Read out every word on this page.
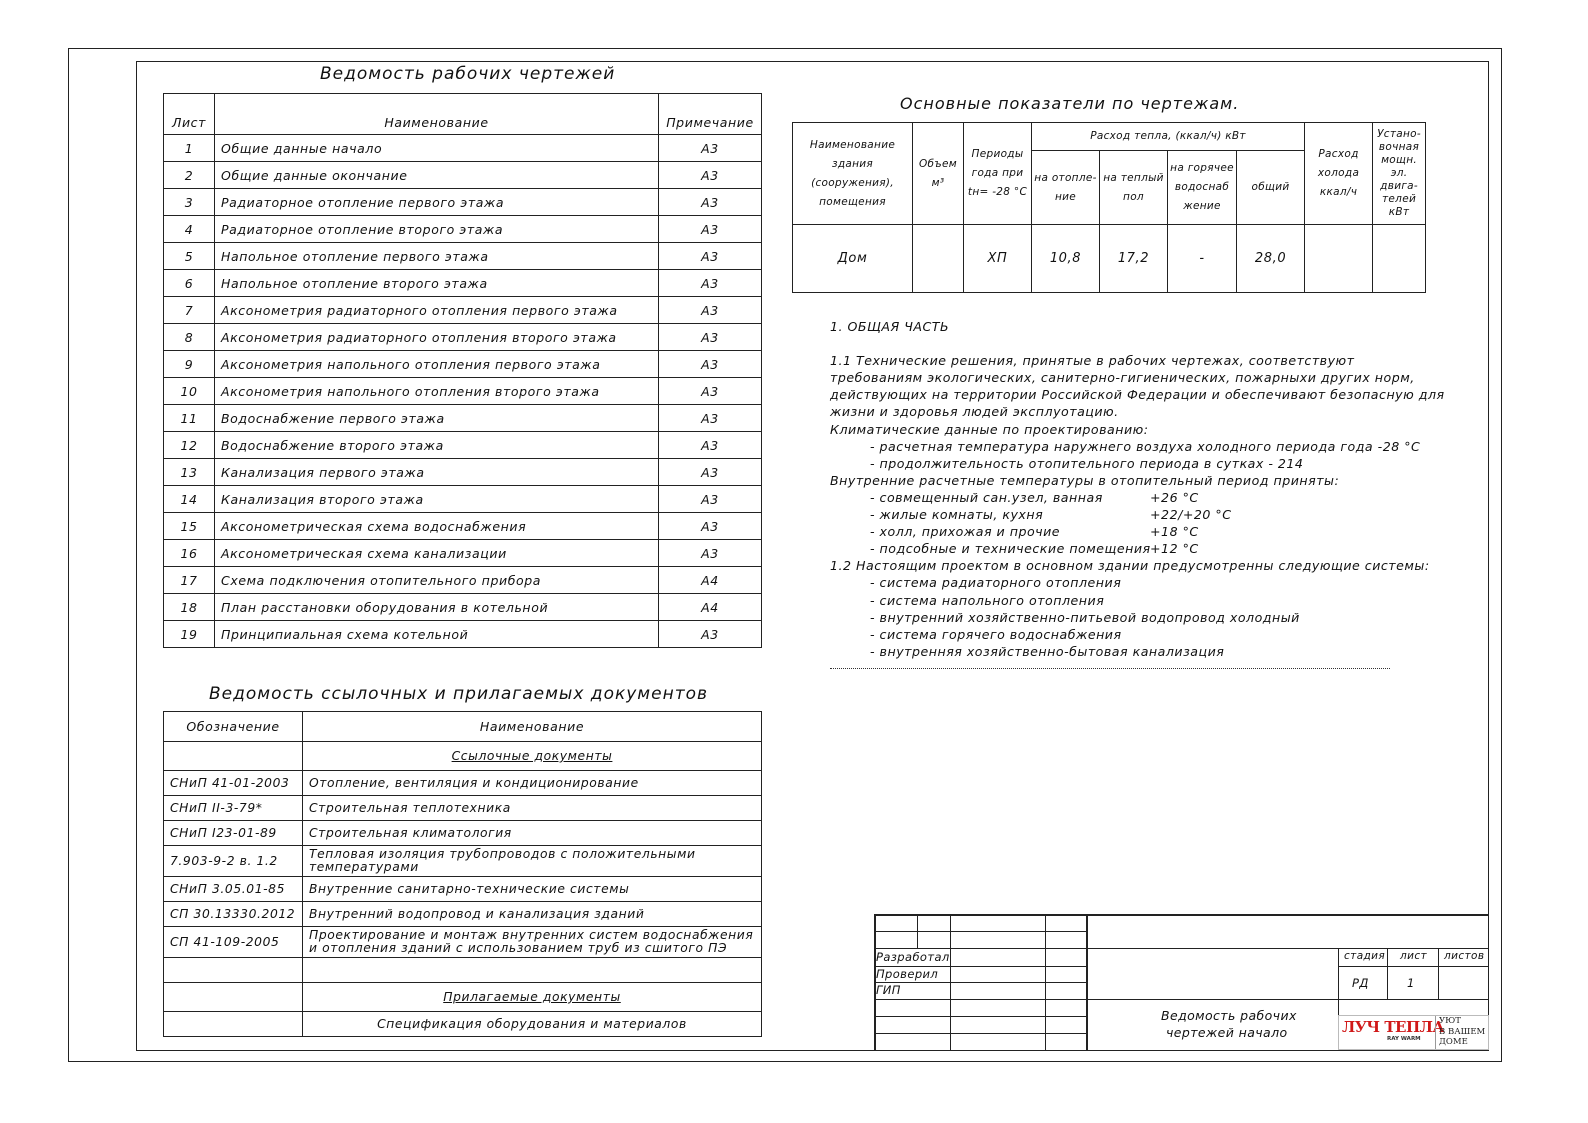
Ведомость рабочих чертежей
Лист	Наименование	Примечание
1	Общие данные начало	А3
2	Общие данные окончание	А3
3	Радиаторное отопление первого этажа	А3
4	Радиаторное отопление второго этажа	А3
5	Напольное отопление первого этажа	А3
6	Напольное отопление второго этажа	А3
7	Аксонометрия радиаторного отопления первого этажа	А3
8	Аксонометрия радиаторного отопления второго этажа	А3
9	Аксонометрия напольного отопления первого этажа	А3
10	Аксонометрия напольного отопления второго этажа	А3
11	Водоснабжение первого этажа	А3
12	Водоснабжение второго этажа	А3
13	Канализация первого этажа	А3
14	Канализация второго этажа	А3
15	Аксонометрическая схема водоснабжения	А3
16	Аксонометрическая схема канализации	А3
17	Схема подключения отопительного прибора	А4
18	План расстановки оборудования в котельной	А4
19	Принципиальная схема котельной	А3
Ведомость ссылочных и прилагаемых документов
Обозначение	Наименование
	Ссылочные документы
СНиП 41-01-2003	Отопление, вентиляция и кондиционирование
СНиП II-3-79*	Строительная теплотехника
СНиП I23-01-89	Строительная климатология
7.903-9-2 в. 1.2	Тепловая изоляция трубопроводов с положительными температурами
СНиП 3.05.01-85	Внутренние санитарно-технические системы
СП 30.13330.2012	Внутренний водопровод и канализация зданий
СП 41-109-2005	Проектирование и монтаж внутренних систем водоснабжения и отопления зданий с использованием труб из сшитого ПЭ

	Прилагаемые документы
	Спецификация оборудования и материалов
Основные показатели по чертежам.
Наименование здания (сооружения), помещения	Объем м³	Периоды года при tн= -28 °С	Расход тепла, (ккал/ч) кВт				Расход холода ккал/ч	Устано-вочная мощн. эл. двига-телей кВт
			на отопле-ние	на теплый пол	на горячее водоснаб жение	общий		
Дом		ХП	10,8	17,2	-	28,0		
1. ОБЩАЯ ЧАСТЬ
1.1 Технические решения, принятые в рабочих чертежах, соответствуют
требованиям экологических, санитерно-гигиенических, пожарныхи других норм,
действующих на территории Российской Федерации и обеспечивают безопасную для
жизни и здоровья людей эксплуотацию.
Климатические данные по проектированию:
- расчетная температура наружнего воздуха холодного периода года -28 °С
- продолжительность отопительного периода в сутках - 214
Внутренние расчетные температуры в отопительный период приняты:
- совмещенный сан.узел, ванная	+26 °С
- жилые комнаты, кухня	+22/+20 °С
- холл, прихожая и прочие	+18 °С
- подсобные и технические помещения +12 °С
1.2 Настоящим проектом в основном здании предусмотренны следующие системы:
- система радиаторного отопления
- система напольного отопления
- внутренний хозяйственно-питьевой водопровод холодный
- система горячего водоснабжения
- внутренняя хозяйственно-бытовая канализация
Разработал
Проверил
ГИП
стадия лист листов
РД	1
Ведомость рабочих
чертежей начало	ЛУЧ ТЕПЛА
RAY WARM
УЮТ
В ВАШЕМ
ДОМЕ
